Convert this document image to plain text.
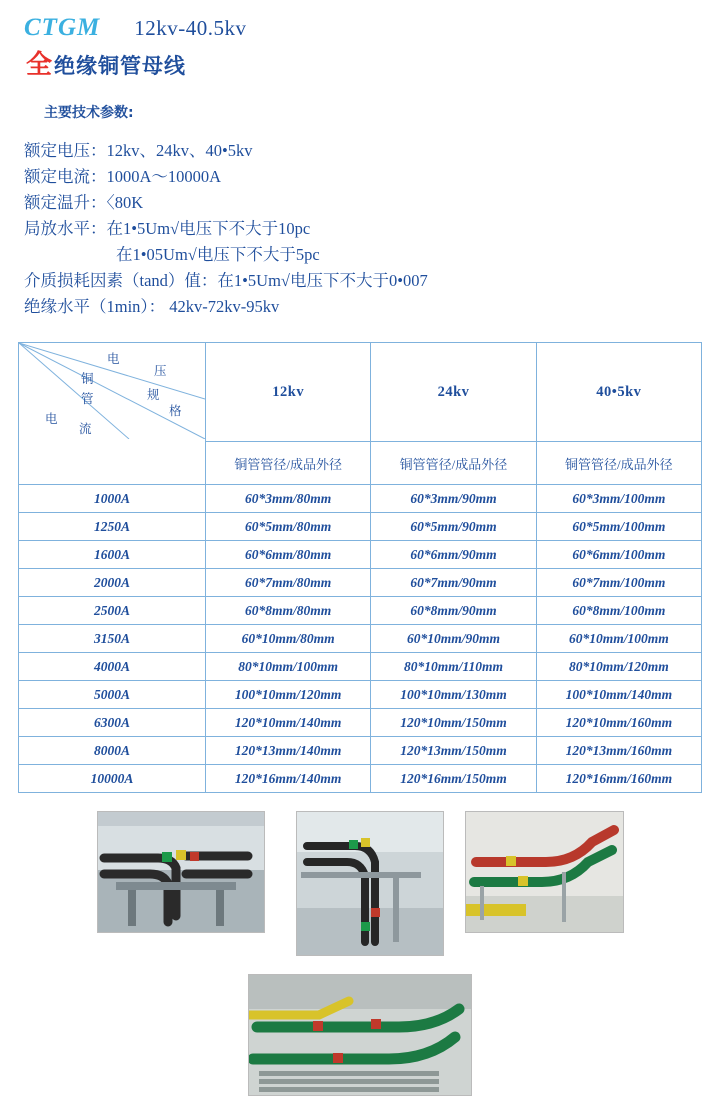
CTGM 12kv-40.5kv
全 绝缘铜管母线
主要技术参数:
额定电压：12kv、24kv、40•5kv
额定电流：1000A～10000A
额定温升：〈80K
局放水平：在1•5Um√电压下不大于10pc
在1•05Um√电压下不大于5pc
介质损耗因素（tand）值：在1•5Um√电压下不大于0•007
绝缘水平（1min）： 42kv-72kv-95kv
电
压
铜
管	规
格
电
流
	12kv	24kv	40•5kv
	铜管管径/成品外径	铜管管径/成品外径	铜管管径/成品外径
1000A	60*3mm/80mm	60*3mm/90mm	60*3mm/100mm
1250A	60*5mm/80mm	60*5mm/90mm	60*5mm/100mm
1600A	60*6mm/80mm	60*6mm/90mm	60*6mm/100mm
2000A	60*7mm/80mm	60*7mm/90mm	60*7mm/100mm
2500A	60*8mm/80mm	60*8mm/90mm	60*8mm/100mm
3150A	60*10mm/80mm	60*10mm/90mm	60*10mm/100mm
4000A	80*10mm/100mm	80*10mm/110mm	80*10mm/120mm
5000A	100*10mm/120mm	100*10mm/130mm	100*10mm/140mm
6300A	120*10mm/140mm	120*10mm/150mm	120*10mm/160mm
8000A	120*13mm/140mm	120*13mm/150mm	120*13mm/160mm
10000A	120*16mm/140mm	120*16mm/150mm	120*16mm/160mm
